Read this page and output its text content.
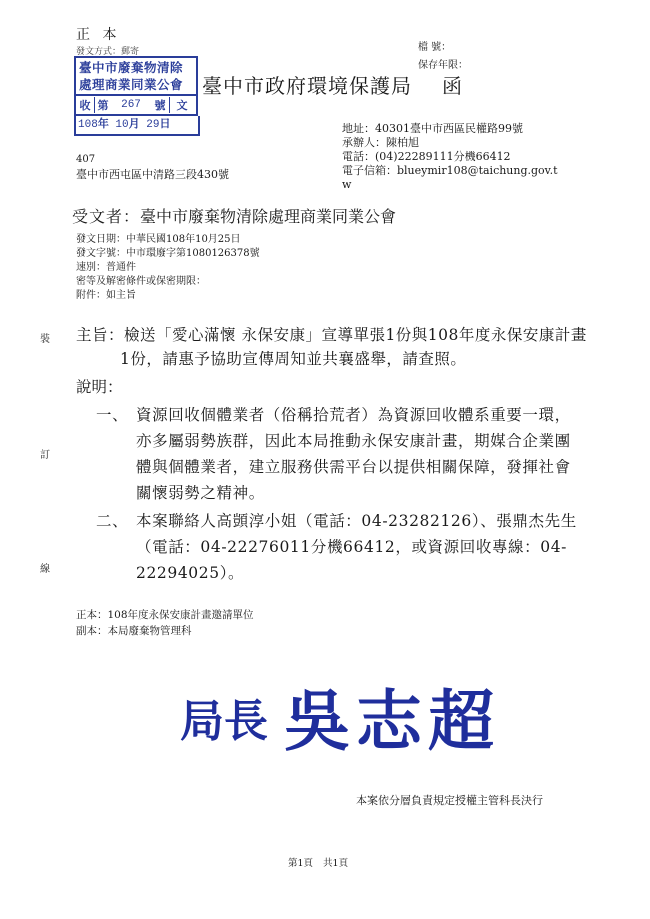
正 本
發文方式：郵寄	檔 號：
保存年限：
臺中市廢棄物清除
處理商業同業公會
收 第	267	號	文
108年 10月 29日
臺中市政府環境保護局 函
407
臺中市西屯區中清路三段430號
地址：40301臺中市西區民權路99號
承辦人：陳柏旭
電話：(04)22289111分機66412
電子信箱：blueymir108@taichung.gov.t
w
受文者：臺中市廢棄物清除處理商業同業公會
發文日期：中華民國108年10月25日
發文字號：中市環廢字第1080126378號
速別：普通件
密等及解密條件或保密期限：
附件：如主旨
裝
訂
線
主旨：檢送「愛心滿懷 永保安康」宣導單張1份與108年度永保安康計畫1份，請惠予協助宣傳周知並共襄盛舉，請查照。
說明：
一、 資源回收個體業者（俗稱拾荒者）為資源回收體系重要一環，亦多屬弱勢族群，因此本局推動永保安康計畫，期媒合企業團體與個體業者，建立服務供需平台以提供相關保障，發揮社會關懷弱勢之精神。
二、 本案聯絡人高顗淳小姐（電話：04-23282126）、張鼎杰先生（電話：04-22276011分機66412，或資源回收專線：04-22294025）。
正本：108年度永保安康計畫邀請單位
副本：本局廢棄物管理科
局長 吳志超
本案依分層負責規定授權主管科長決行
第1頁 共1頁
